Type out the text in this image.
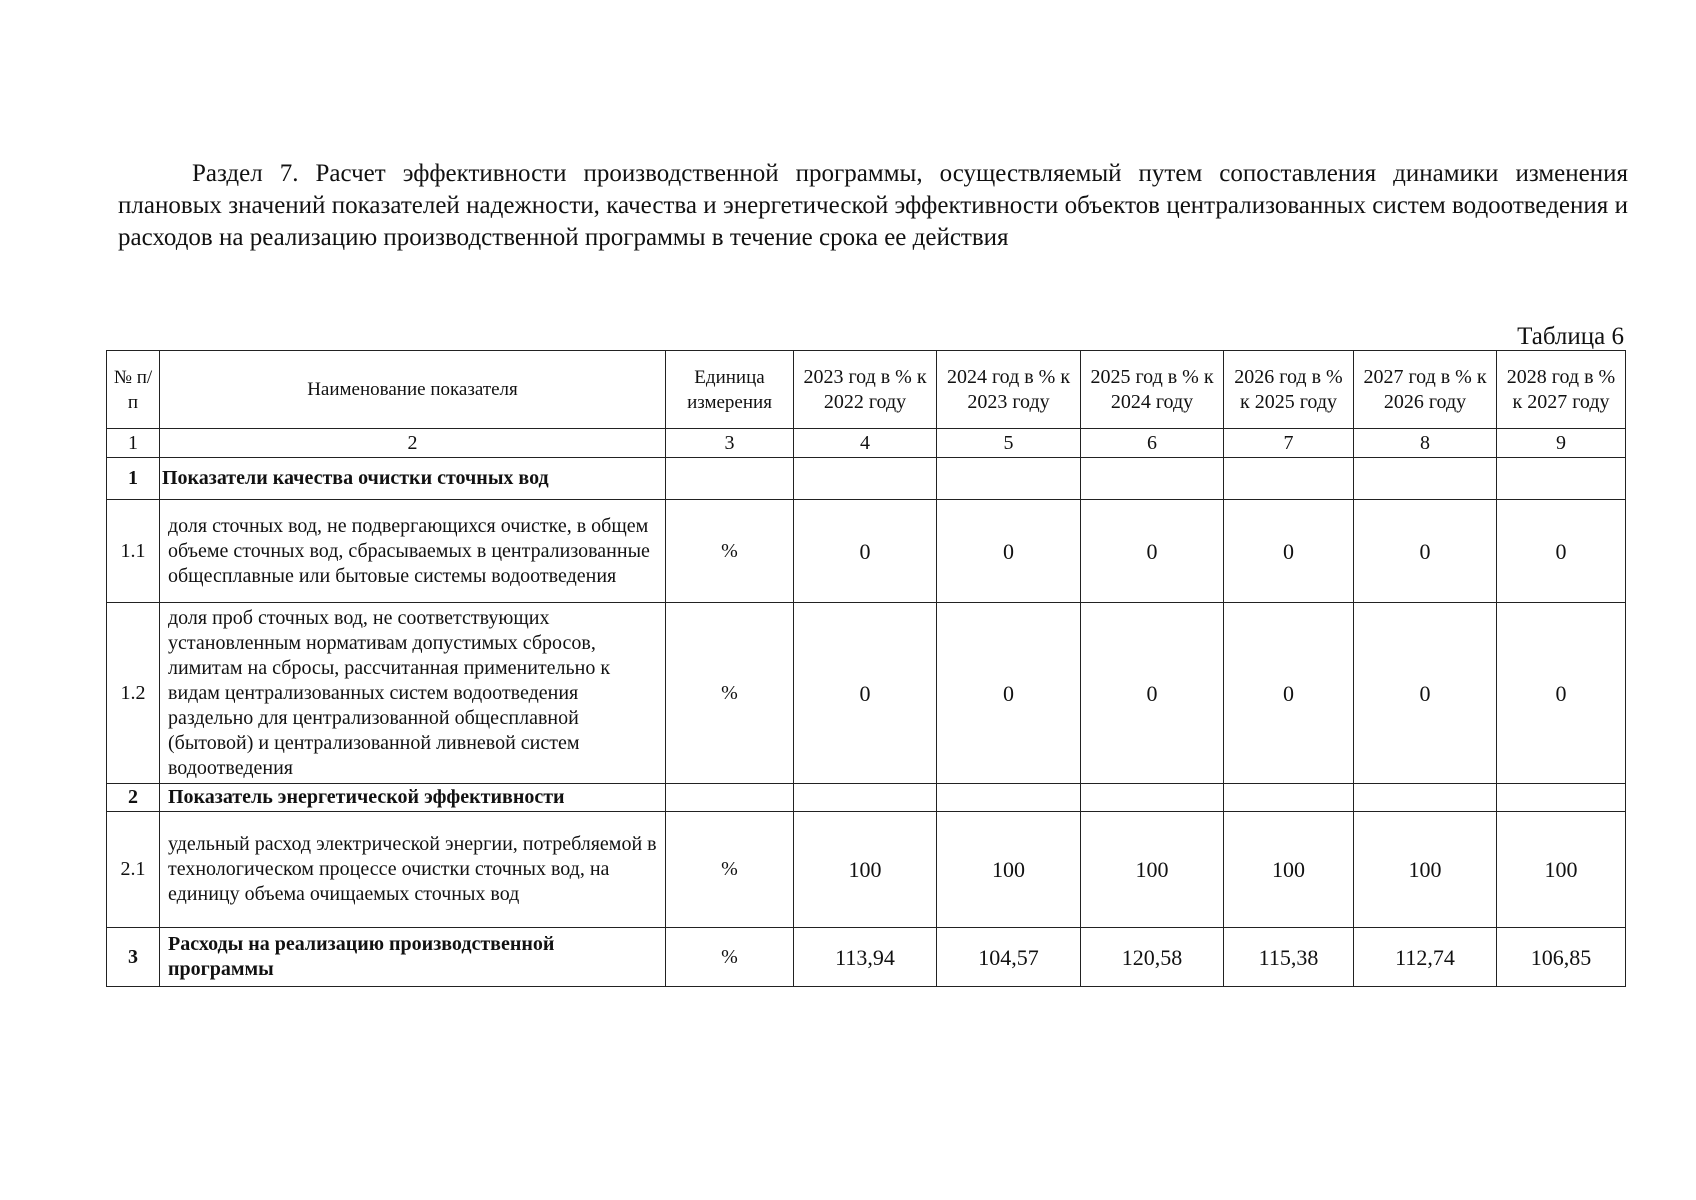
Раздел 7. Расчет эффективности производственной программы, осуществляемый путем сопоставления динамики изменения плановых значений показателей надежности, качества и энергетической эффективности объектов централизованных систем водоотведения и расходов на реализацию производственной программы в течение срока ее действия

Таблица 6

№ п/п	Наименование показателя	Единица измерения	2023 год в % к 2022 году	2024 год в % к 2023 году	2025 год в % к 2024 году	2026 год в % к 2025 году	2027 год в % к 2026 году	2028 год в % к 2027 году
1	2	3	4	5	6	7	8	9
1	Показатели качества очистки сточных вод							
1.1	доля сточных вод, не подвергающихся очистке, в общем объеме сточных вод, сбрасываемых в централизованные общесплавные или бытовые системы водоотведения	%	0	0	0	0	0	0
1.2	доля проб сточных вод, не соответствующих установленным нормативам допустимых сбросов, лимитам на сбросы, рассчитанная применительно к видам централизованных систем водоотведения раздельно для централизованной общесплавной (бытовой) и централизованной ливневой систем водоотведения	%	0	0	0	0	0	0
2	Показатель энергетической эффективности							
2.1	удельный расход электрической энергии, потребляемой в технологическом процессе очистки сточных вод, на единицу объема очищаемых сточных вод	%	100	100	100	100	100	100
3	Расходы на реализацию производственной программы	%	113,94	104,57	120,58	115,38	112,74	106,85
